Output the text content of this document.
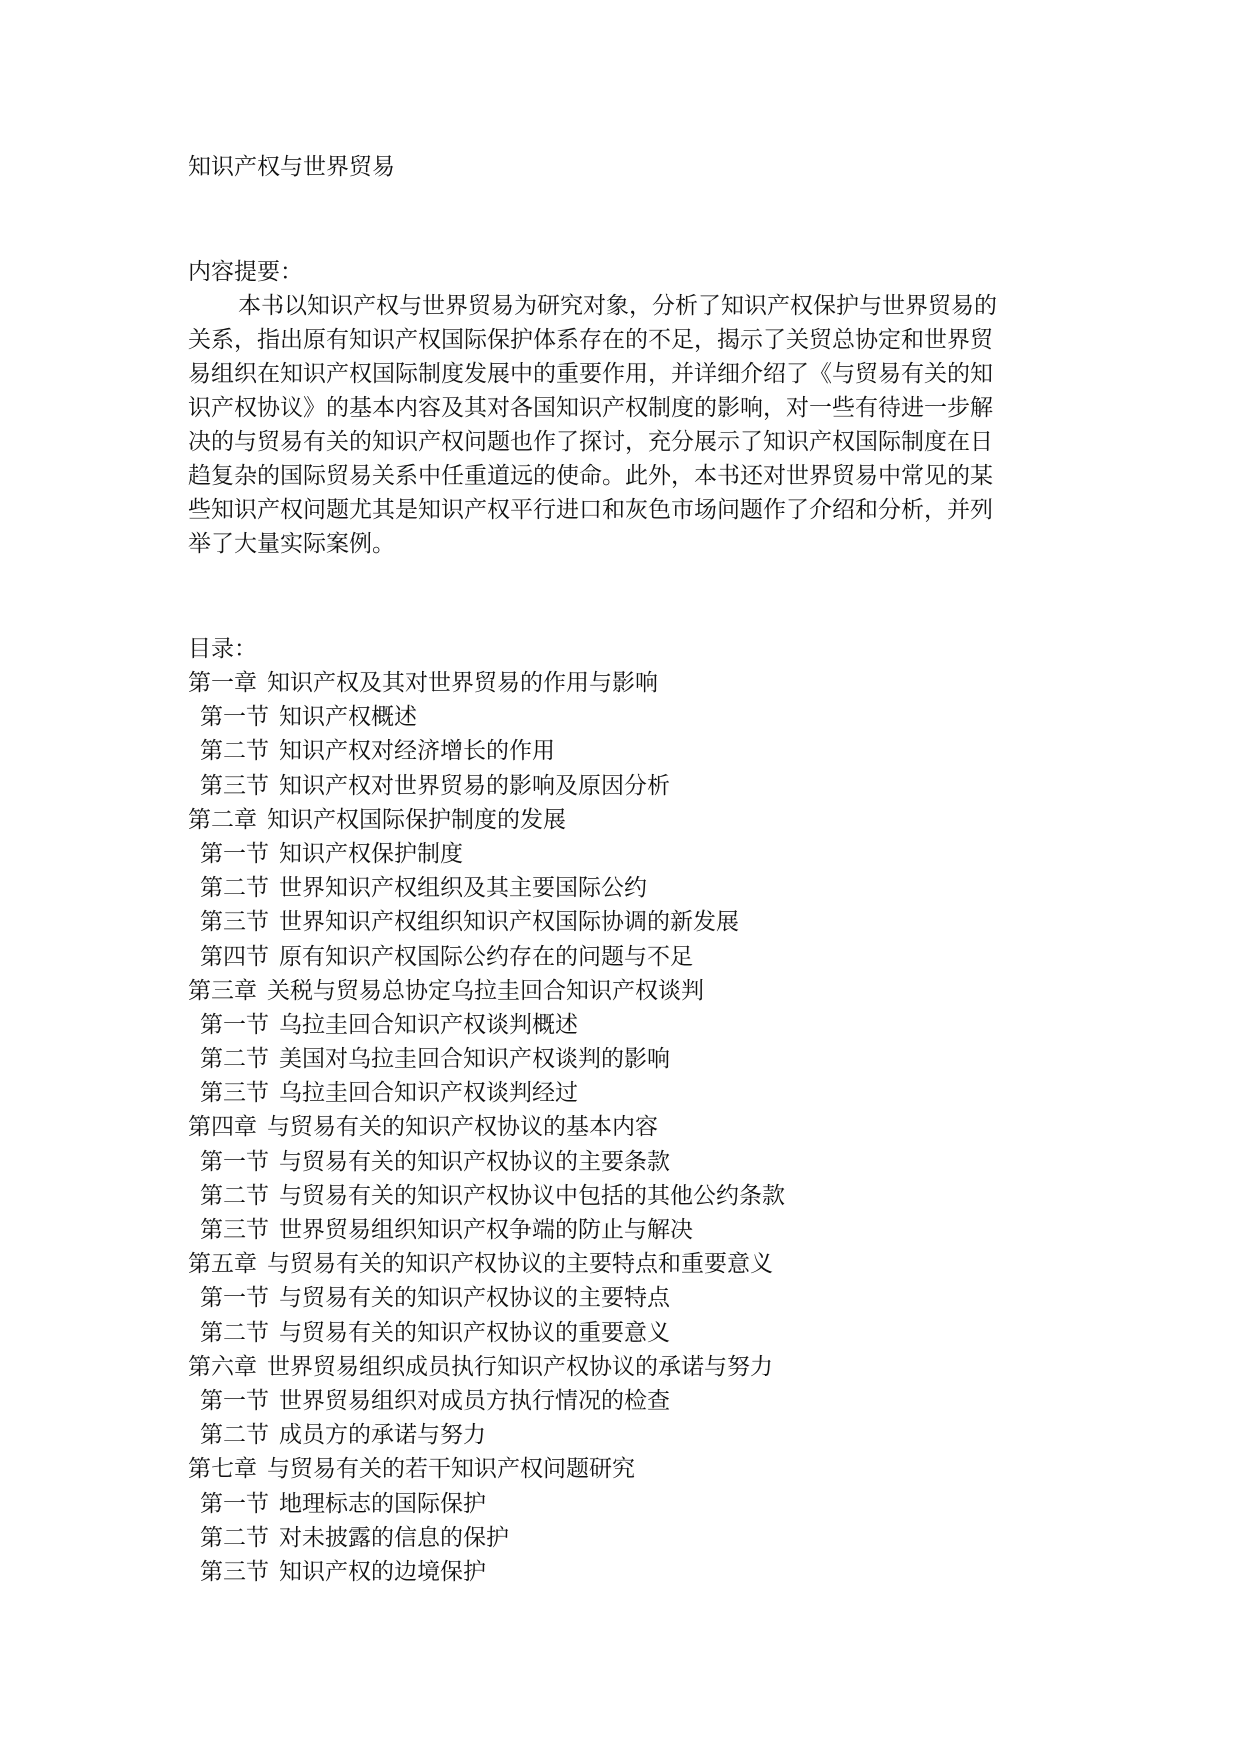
知识产权与世界贸易
内容提要：
本书以知识产权与世界贸易为研究对象，分析了知识产权保护与世界贸易的
关系，指出原有知识产权国际保护体系存在的不足，揭示了关贸总协定和世界贸
易组织在知识产权国际制度发展中的重要作用，并详细介绍了《与贸易有关的知
识产权协议》的基本内容及其对各国知识产权制度的影响，对一些有待进一步解
决的与贸易有关的知识产权问题也作了探讨，充分展示了知识产权国际制度在日
趋复杂的国际贸易关系中任重道远的使命。此外，本书还对世界贸易中常见的某
些知识产权问题尤其是知识产权平行进口和灰色市场问题作了介绍和分析，并列
举了大量实际案例。
目录：
第一章 知识产权及其对世界贸易的作用与影响
第一节 知识产权概述
第二节 知识产权对经济增长的作用
第三节 知识产权对世界贸易的影响及原因分析
第二章 知识产权国际保护制度的发展
第一节 知识产权保护制度
第二节 世界知识产权组织及其主要国际公约
第三节 世界知识产权组织知识产权国际协调的新发展
第四节 原有知识产权国际公约存在的问题与不足
第三章 关税与贸易总协定乌拉圭回合知识产权谈判
第一节 乌拉圭回合知识产权谈判概述
第二节 美国对乌拉圭回合知识产权谈判的影响
第三节 乌拉圭回合知识产权谈判经过
第四章 与贸易有关的知识产权协议的基本内容
第一节 与贸易有关的知识产权协议的主要条款
第二节 与贸易有关的知识产权协议中包括的其他公约条款
第三节 世界贸易组织知识产权争端的防止与解决
第五章 与贸易有关的知识产权协议的主要特点和重要意义
第一节 与贸易有关的知识产权协议的主要特点
第二节 与贸易有关的知识产权协议的重要意义
第六章 世界贸易组织成员执行知识产权协议的承诺与努力
第一节 世界贸易组织对成员方执行情况的检查
第二节 成员方的承诺与努力
第七章 与贸易有关的若干知识产权问题研究
第一节 地理标志的国际保护
第二节 对未披露的信息的保护
第三节 知识产权的边境保护
